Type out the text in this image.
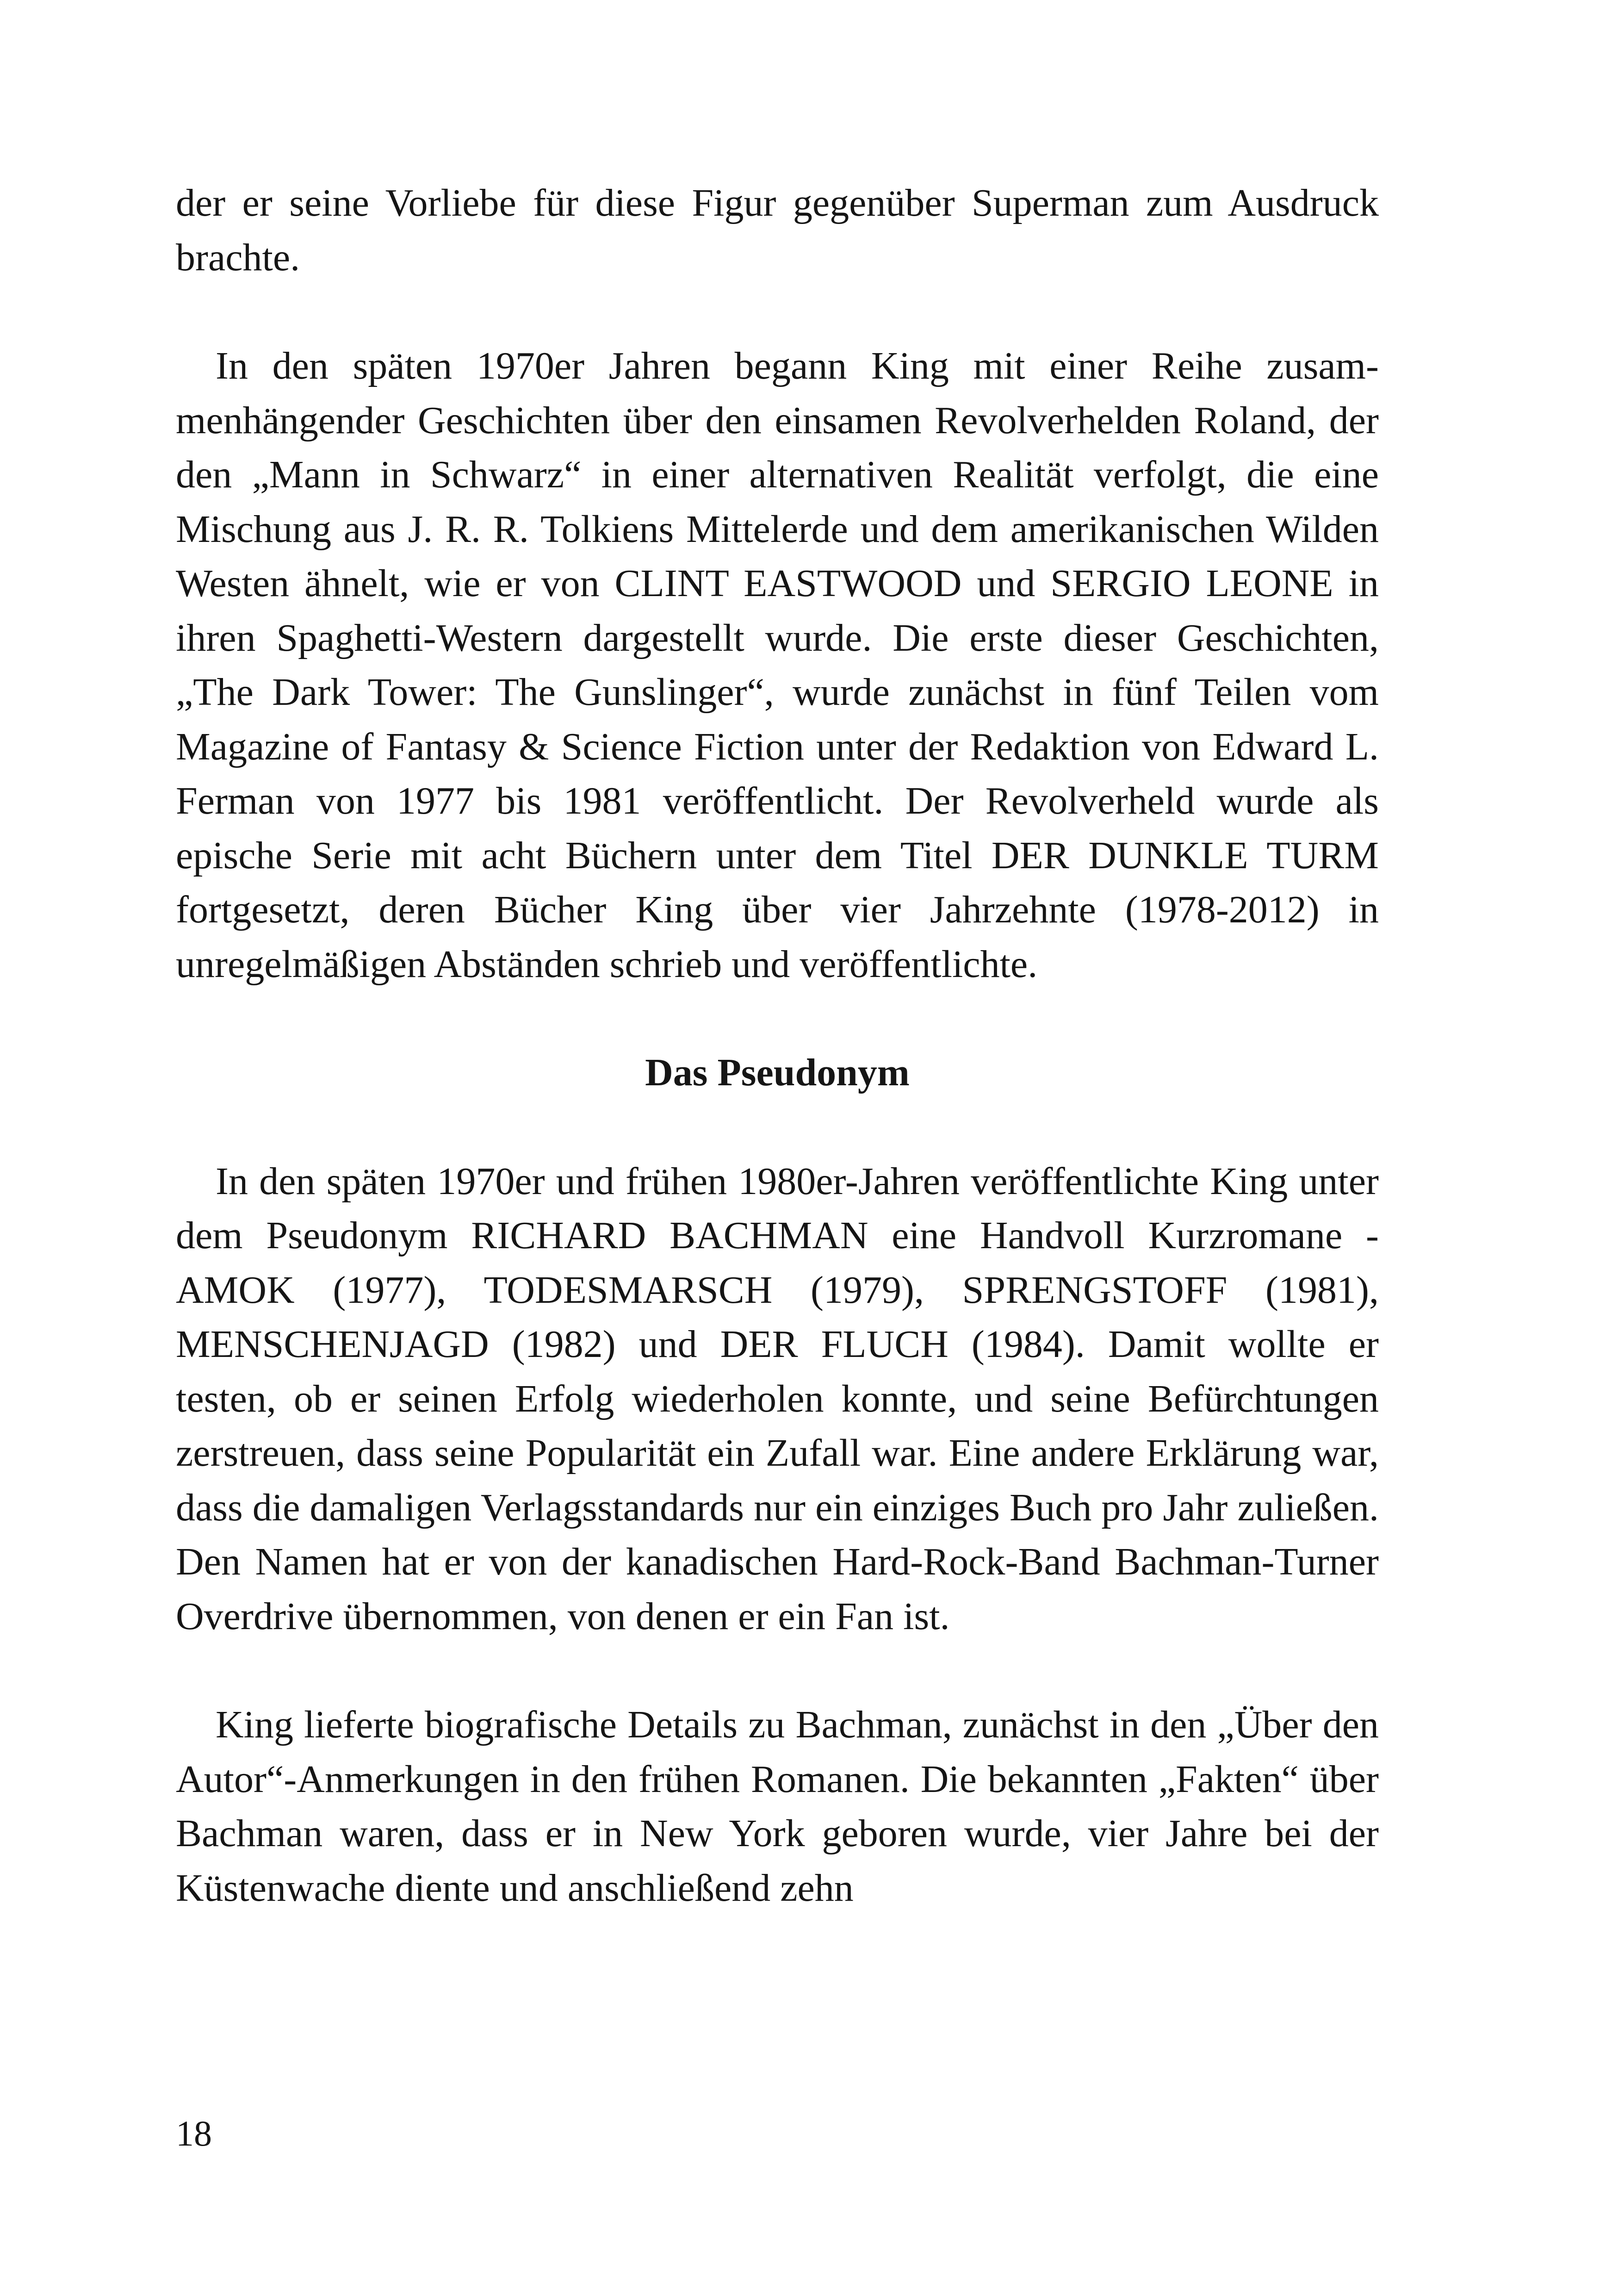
der er seine Vorliebe für diese Figur gegenüber Superman zum Ausdruck brachte.

In den späten 1970er Jahren begann King mit einer Reihe zusammenhängender Geschichten über den einsamen Revolverhelden Roland, der den „Mann in Schwarz“ in einer alternativen Realität verfolgt, die eine Mischung aus J. R. R. Tolkiens Mittelerde und dem amerikanischen Wilden Westen ähnelt, wie er von CLINT EASTWOOD und SERGIO LEONE in ihren Spaghetti-Western dargestellt wurde. Die erste dieser Geschichten, „The Dark Tower: The Gunslinger“, wurde zunächst in fünf Teilen vom Magazine of Fantasy & Science Fiction unter der Redaktion von Edward L. Ferman von 1977 bis 1981 veröffentlicht. Der Revolverheld wurde als epische Serie mit acht Büchern unter dem Titel DER DUNKLE TURM fortgesetzt, deren Bücher King über vier Jahrzehnte (1978-2012) in unregelmäßigen Abständen schrieb und veröffentlichte.

Das Pseudonym

In den späten 1970er und frühen 1980er-Jahren veröffentlichte King unter dem Pseudonym RICHARD BACHMAN eine Handvoll Kurzromane - AMOK (1977), TODESMARSCH (1979), SPRENGSTOFF (1981), MENSCHENJAGD (1982) und DER FLUCH (1984). Damit wollte er testen, ob er seinen Erfolg wiederholen konnte, und seine Befürchtungen zerstreuen, dass seine Popularität ein Zufall war. Eine andere Erklärung war, dass die damaligen Verlagsstandards nur ein einziges Buch pro Jahr zuließen. Den Namen hat er von der kanadischen Hard-Rock-Band Bachman-Turner Overdrive übernommen, von denen er ein Fan ist.

King lieferte biografische Details zu Bachman, zunächst in den „Über den Autor“-Anmerkungen in den frühen Romanen. Die bekannten „Fakten“ über Bachman waren, dass er in New York geboren wurde, vier Jahre bei der Küstenwache diente und anschließend zehn

18
